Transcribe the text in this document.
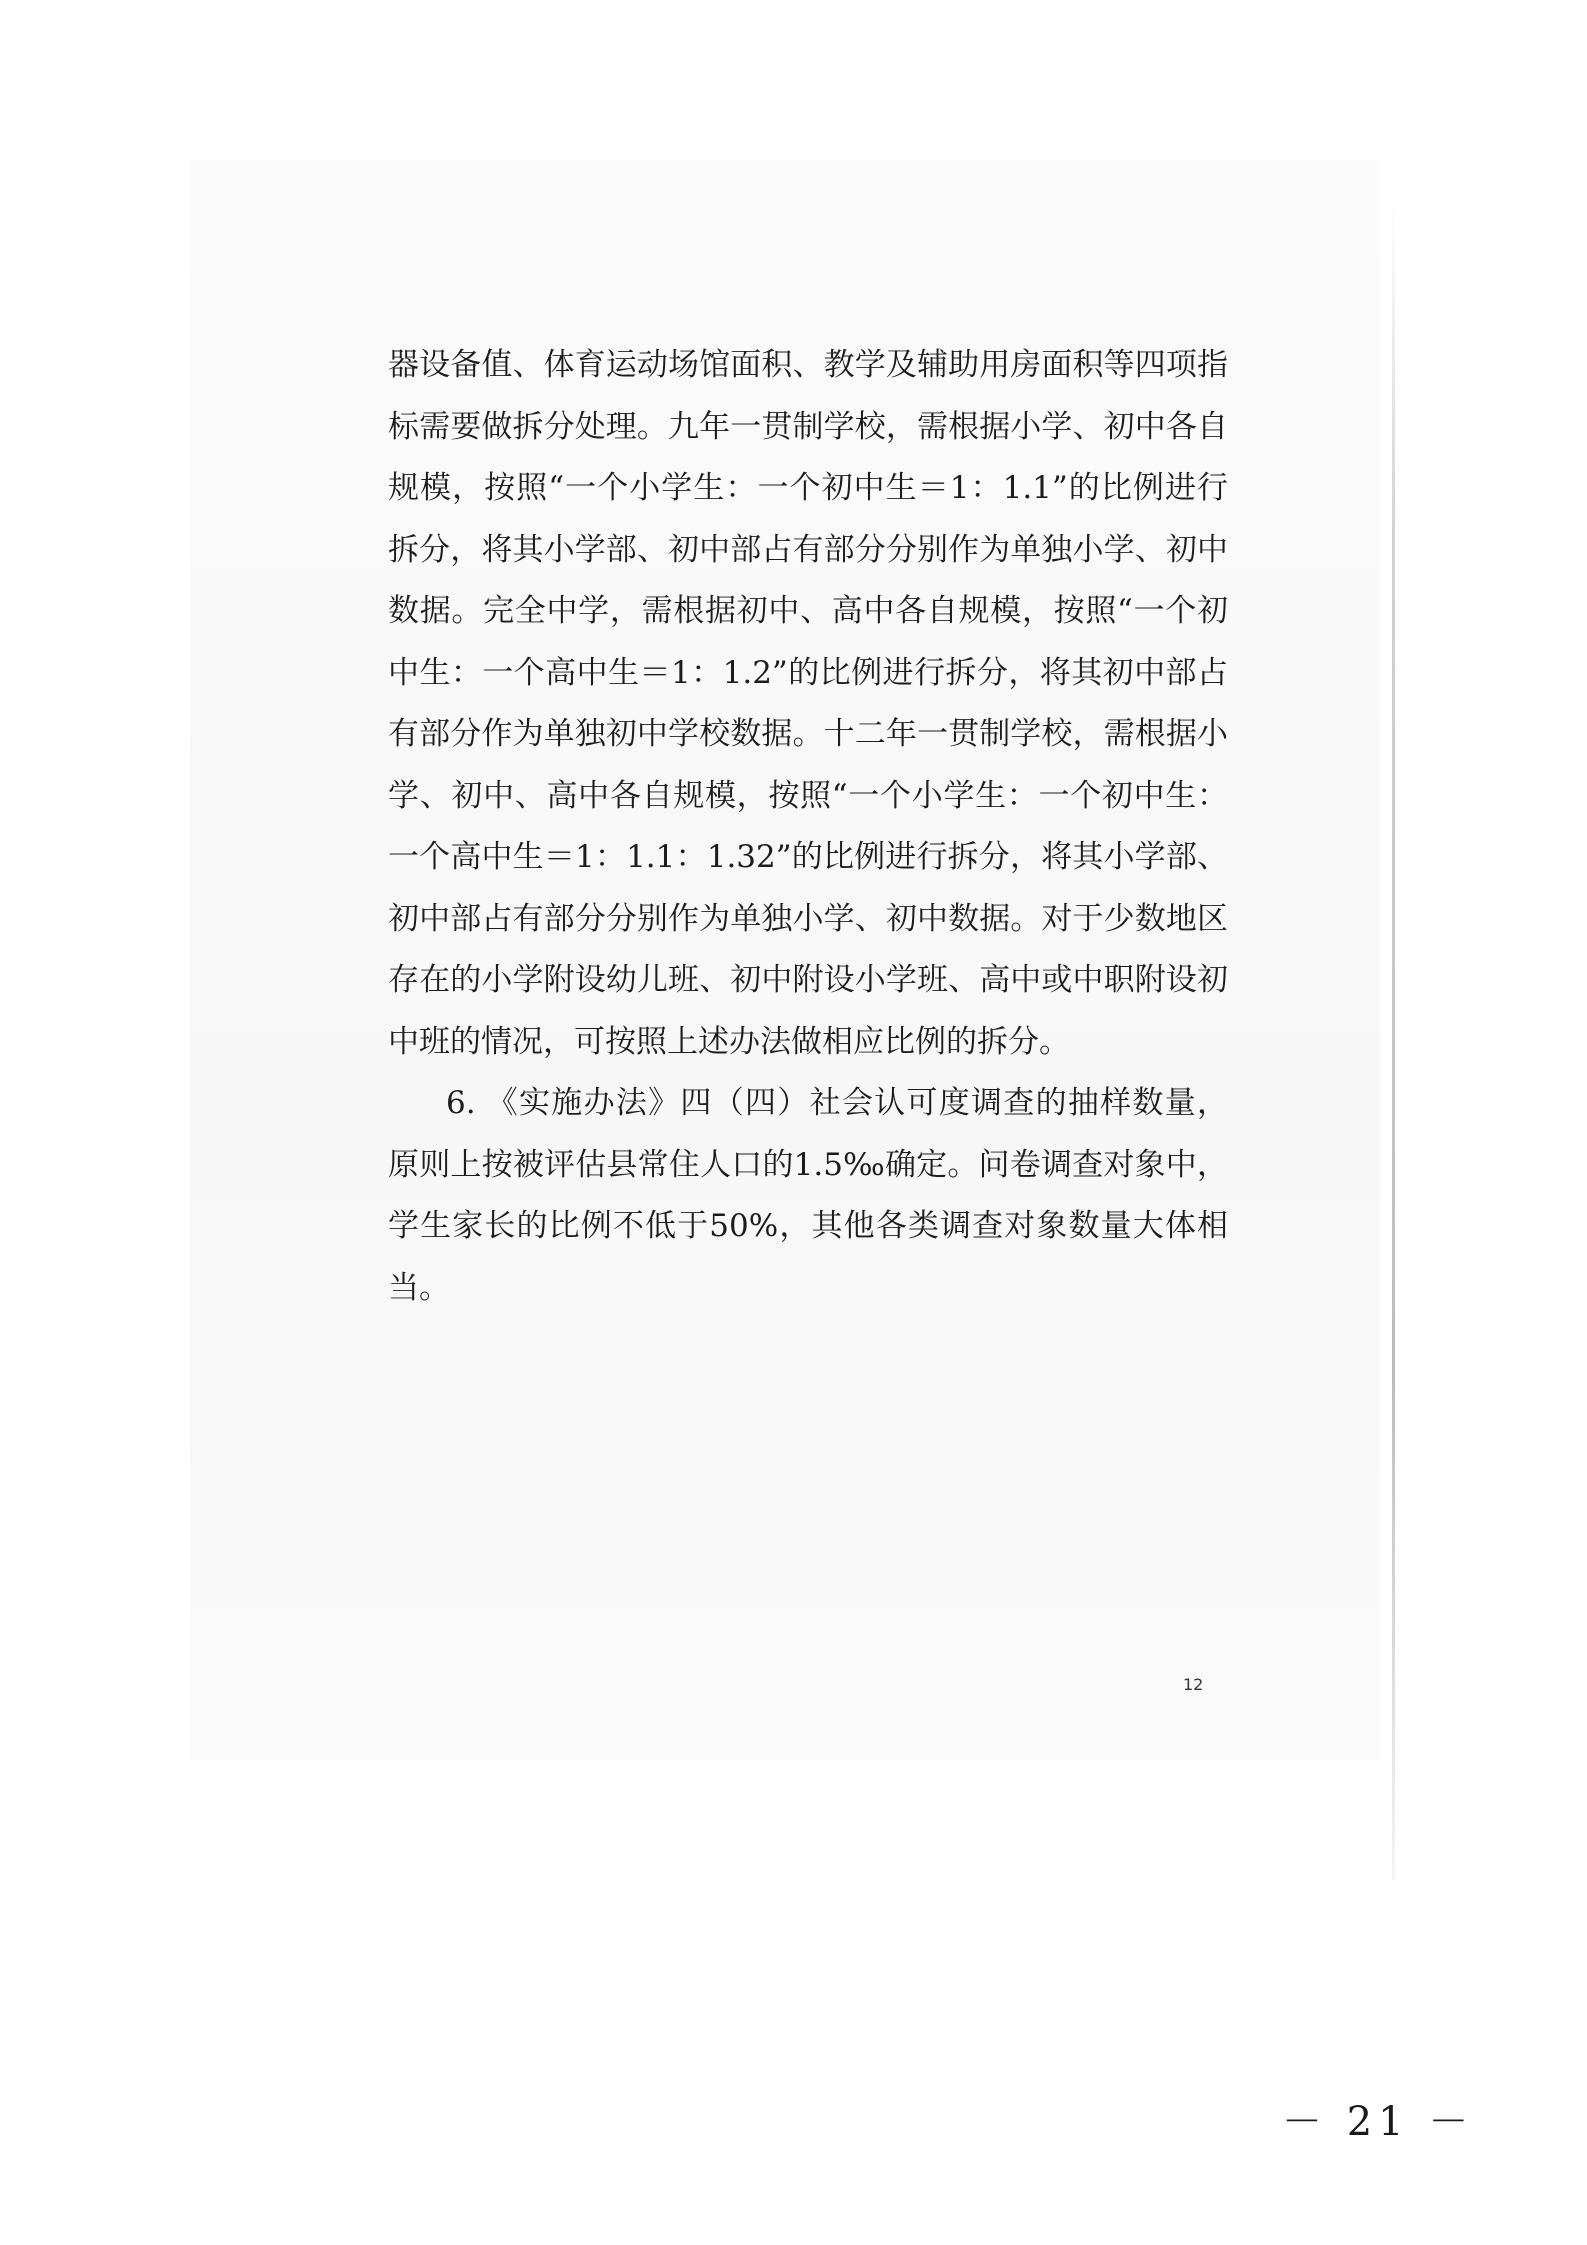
器设备值、体育运动场馆面积、教学及辅助用房面积等四项指
标需要做拆分处理。九年一贯制学校，需根据小学、初中各自
规模，按照“一个小学生：一个初中生＝1：1.1”的比例进行
拆分，将其小学部、初中部占有部分分别作为单独小学、初中
数据。完全中学，需根据初中、高中各自规模，按照“一个初
中生：一个高中生＝1：1.2”的比例进行拆分，将其初中部占
有部分作为单独初中学校数据。十二年一贯制学校，需根据小
学、初中、高中各自规模，按照“一个小学生：一个初中生：
一个高中生＝1：1.1：1.32”的比例进行拆分，将其小学部、
初中部占有部分分别作为单独小学、初中数据。对于少数地区
存在的小学附设幼儿班、初中附设小学班、高中或中职附设初
中班的情况，可按照上述办法做相应比例的拆分。
6. 《实施办法》四（四）社会认可度调查的抽样数量，
原则上按被评估县常住人口的1.5‰确定。问卷调查对象中，
学生家长的比例不低于50%，其他各类调查对象数量大体相
当。
12
－ 21 －
